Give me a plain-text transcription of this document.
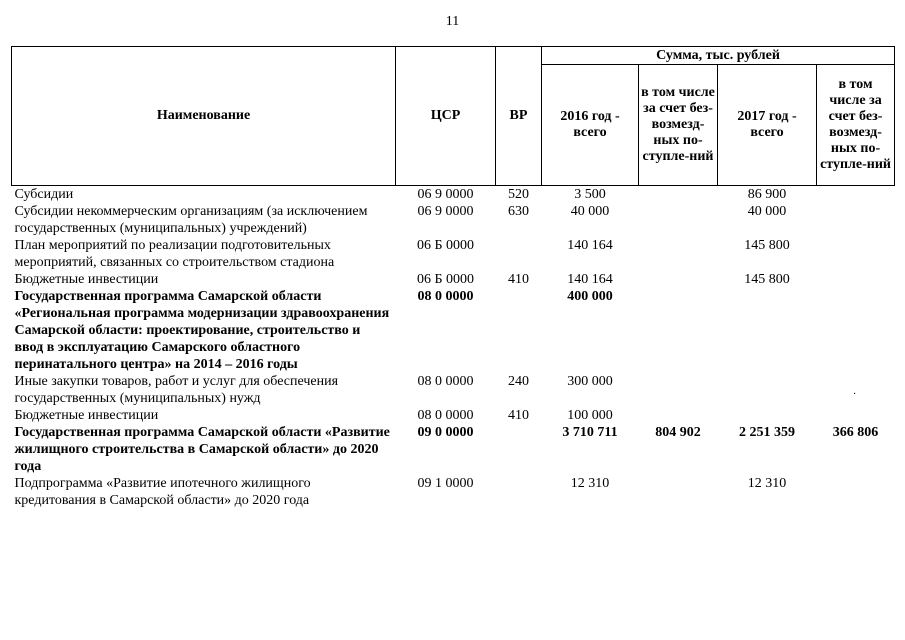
11
Наименование	ЦСР	ВР	Сумма, тыс. рублей			
			2016 год - всего	в том числе за счет без-возмезд-ных по-ступле-ний	2017 год - всего	в том числе за счет без-возмезд-ных по-ступле-ний
Субсидии	06 9 0000	520	3 500		86 900	
Субсидии некоммерческим организациям (за исключением государственных (муниципальных) учреждений)	06 9 0000	630	40 000		40 000	
План мероприятий по реализации подготовительных мероприятий, связанных со строительством стадиона	06 Б 0000		140 164		145 800	
Бюджетные инвестиции	06 Б 0000	410	140 164		145 800	
Государственная программа Самарской области «Региональная программа модернизации здравоохранения Самарской области: проектирование, строительство и ввод в эксплуатацию Самарского областного перинатального центра» на 2014 – 2016 годы	08 0 0000		400 000			
Иные закупки товаров, работ и услуг для обеспечения государственных (муниципальных) нужд	08 0 0000	240	300 000			
Бюджетные инвестиции	08 0 0000	410	100 000			
Государственная программа Самарской области «Развитие жилищного строительства в Самарской области» до 2020 года	09 0 0000		3 710 711	804 902	2 251 359	366 806
Подпрограмма «Развитие ипотечного жилищного кредитования в Самарской области» до 2020 года	09 1 0000		12 310		12 310	
·
